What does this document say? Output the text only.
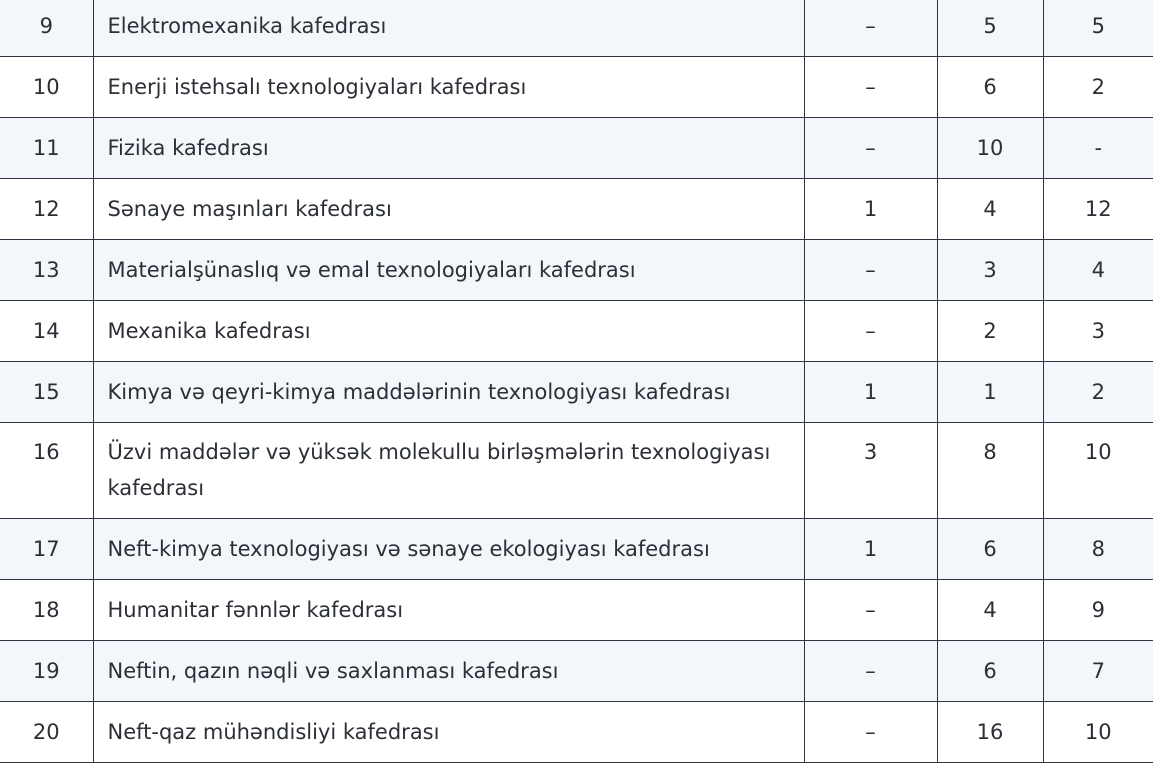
9	Elektromexanika kafedrası	–	5	5
10	Enerji istehsalı texnologiyaları kafedrası	–	6	2
11	Fizika kafedrası	–	10	-
12	Sənaye maşınları kafedrası	1	4	12
13	Materialşünaslıq və emal texnologiyaları kafedrası	–	3	4
14	Mexanika kafedrası	–	2	3
15	Kimya və qeyri-kimya maddələrinin texnologiyası kafedrası	1	1	2
16	Üzvi maddələr və yüksək molekullu birləşmələrin texnologiyası kafedrası	3	8	10
17	Neft-kimya texnologiyası və sənaye ekologiyası kafedrası	1	6	8
18	Humanitar fənnlər kafedrası	–	4	9
19	Neftin, qazın nəqli və saxlanması kafedrası	–	6	7
20	Neft-qaz mühəndisliyi kafedrası	–	16	10
